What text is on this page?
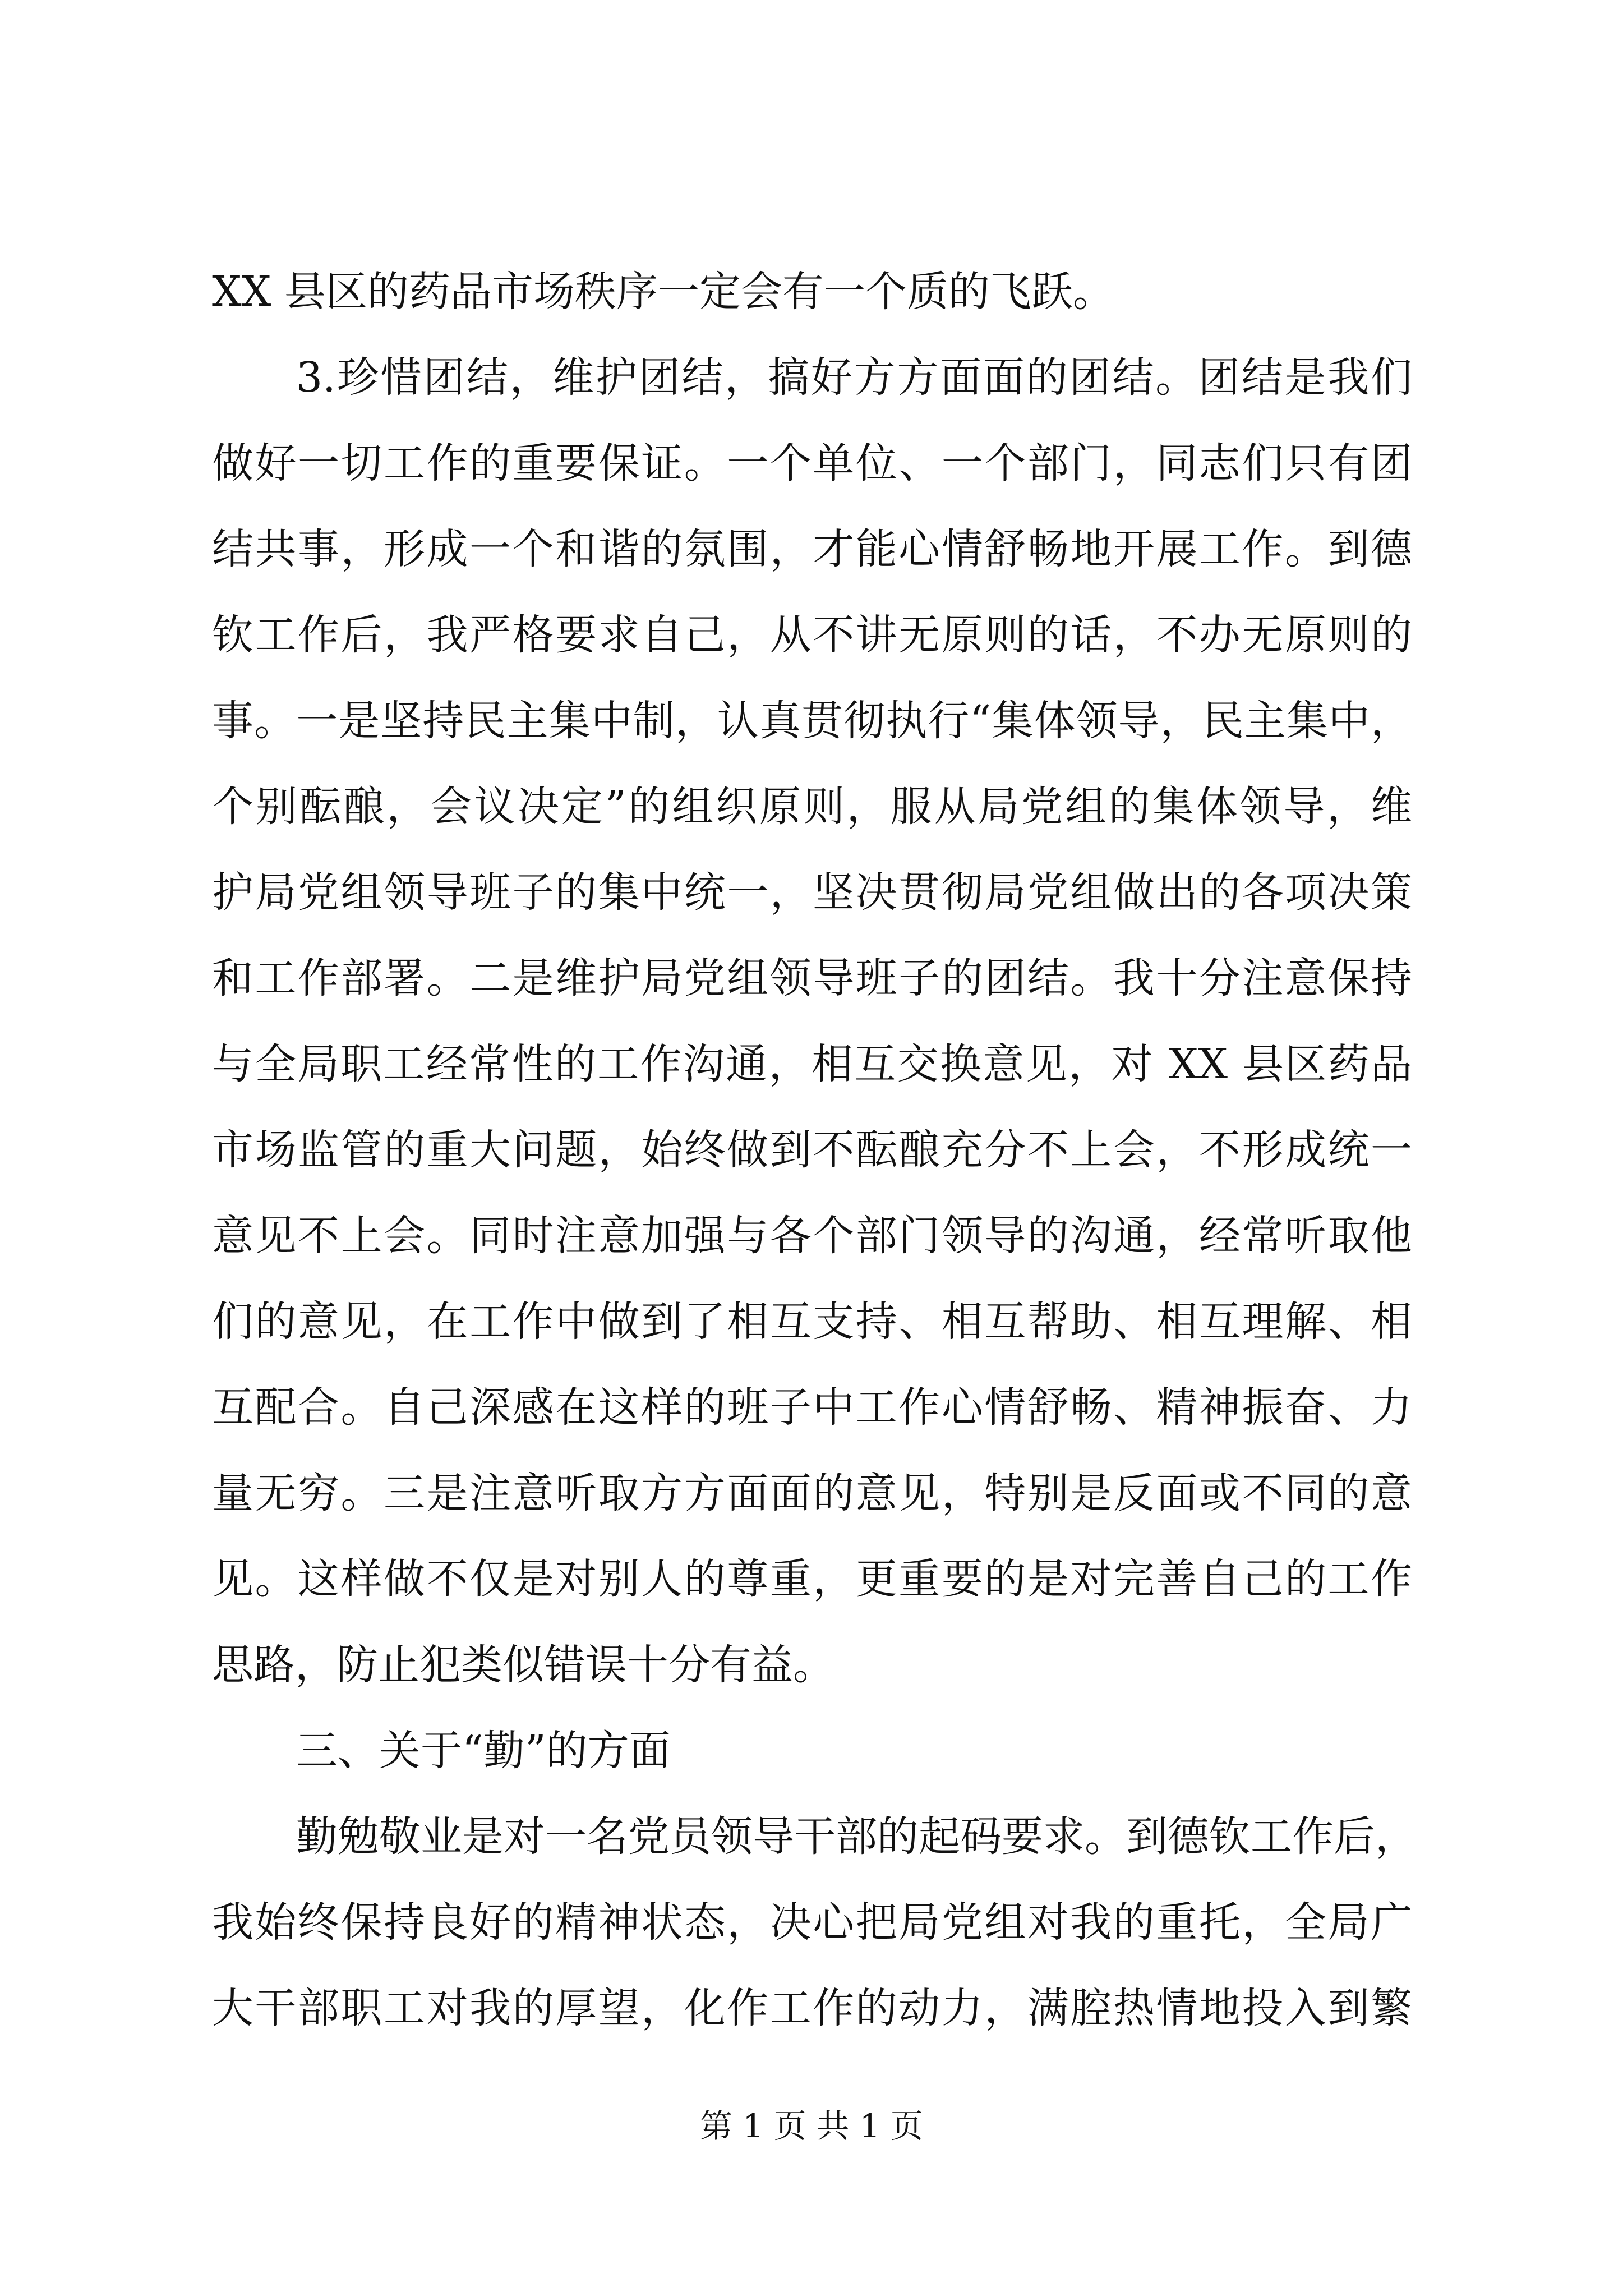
XX 县区的药品市场秩序一定会有一个质的飞跃。
3.珍惜团结，维护团结，搞好方方面面的团结。团结是我们
做好一切工作的重要保证。一个单位、一个部门，同志们只有团
结共事，形成一个和谐的氛围，才能心情舒畅地开展工作。到德
钦工作后，我严格要求自己，从不讲无原则的话，不办无原则的
事。一是坚持民主集中制，认真贯彻执行“集体领导，民主集中，
个别酝酿，会议决定”的组织原则，服从局党组的集体领导，维
护局党组领导班子的集中统一，坚决贯彻局党组做出的各项决策
和工作部署。二是维护局党组领导班子的团结。我十分注意保持
与全局职工经常性的工作沟通，相互交换意见，对 XX 县区药品
市场监管的重大问题，始终做到不酝酿充分不上会，不形成统一
意见不上会。同时注意加强与各个部门领导的沟通，经常听取他
们的意见，在工作中做到了相互支持、相互帮助、相互理解、相
互配合。自己深感在这样的班子中工作心情舒畅、精神振奋、力
量无穷。三是注意听取方方面面的意见，特别是反面或不同的意
见。这样做不仅是对别人的尊重，更重要的是对完善自己的工作
思路，防止犯类似错误十分有益。
三、关于“勤”的方面
勤勉敬业是对一名党员领导干部的起码要求。到德钦工作后，
我始终保持良好的精神状态，决心把局党组对我的重托，全局广
大干部职工对我的厚望，化作工作的动力，满腔热情地投入到繁
第 1 页 共 1 页
